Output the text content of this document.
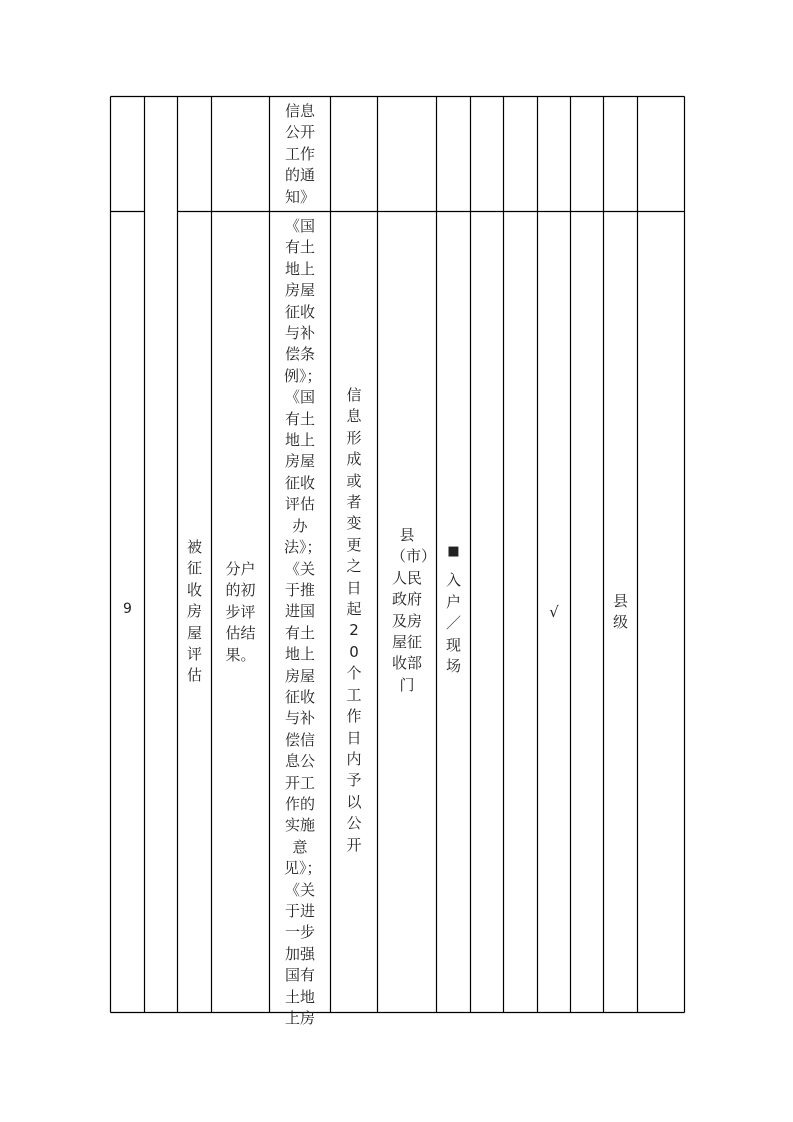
信息公开工作的通知》
9
被征收房屋评估
分户的初步评估结果。
《国有土地上房屋征收与补偿条例》；《国有土地上房屋征收评估办法》；《关于推进国有土地上房屋征收与补偿信息公开工作的实施意见》；《关于进一步加强国有土地上房
信息形成或者变更之日起20个工作日内予以公开
县（市）人民政府及房屋征收部门
■
入户／现场
√
县级
